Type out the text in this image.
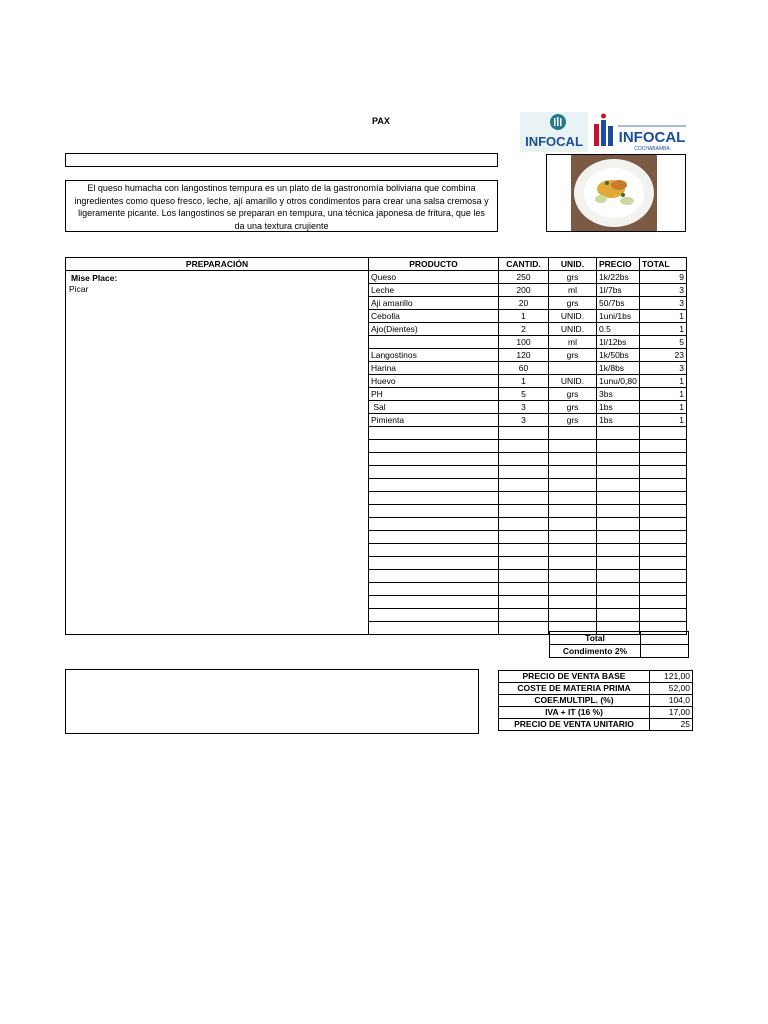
PAX
INFOCAL INFOCAL
COCHABAMBA
El queso humacha con langostinos tempura es un plato de la gastronomía boliviana que combina ingredientes como queso fresco, leche, ají amarillo y otros condimentos para crear una salsa cremosa y ligeramente picante. Los langostinos se preparan en tempura, una técnica japonesa de fritura, que les da una textura crujiente
PREPARACIÓN	PRODUCTO	CANTID.	UNID.	PRECIO	TOTAL

Mise Place:
Picar	Queso	250	grs	1k/22bs	9
	Leche	200	ml	1l/7bs	3
	Aji amarillo	20	grs	50/7bs	3
	Cebolla	1	UNID.	1uni/1bs	1
	Ajo(Dientes)	2	UNID.	0.5	1
		100	ml	1l/12bs	5
	Langostinos	120	grs	1k/50bs	23
	Harina	60		1k/8bs	3
	Huevo	1	UNID.	1unu/0,80	1
	PH	5	grs	3bs	1
	Sal	3	grs	1bs	1
	Pimienta	3	grs	1bs	1

Total	
Condimento 2%	
PRECIO DE VENTA BASE	121,00
COSTE DE MATERIA PRIMA	52,00
COEF.MULTIPL. (%)	104,0
IVA + IT (16 %)	17,00
PRECIO DE VENTA UNITARIO	25
